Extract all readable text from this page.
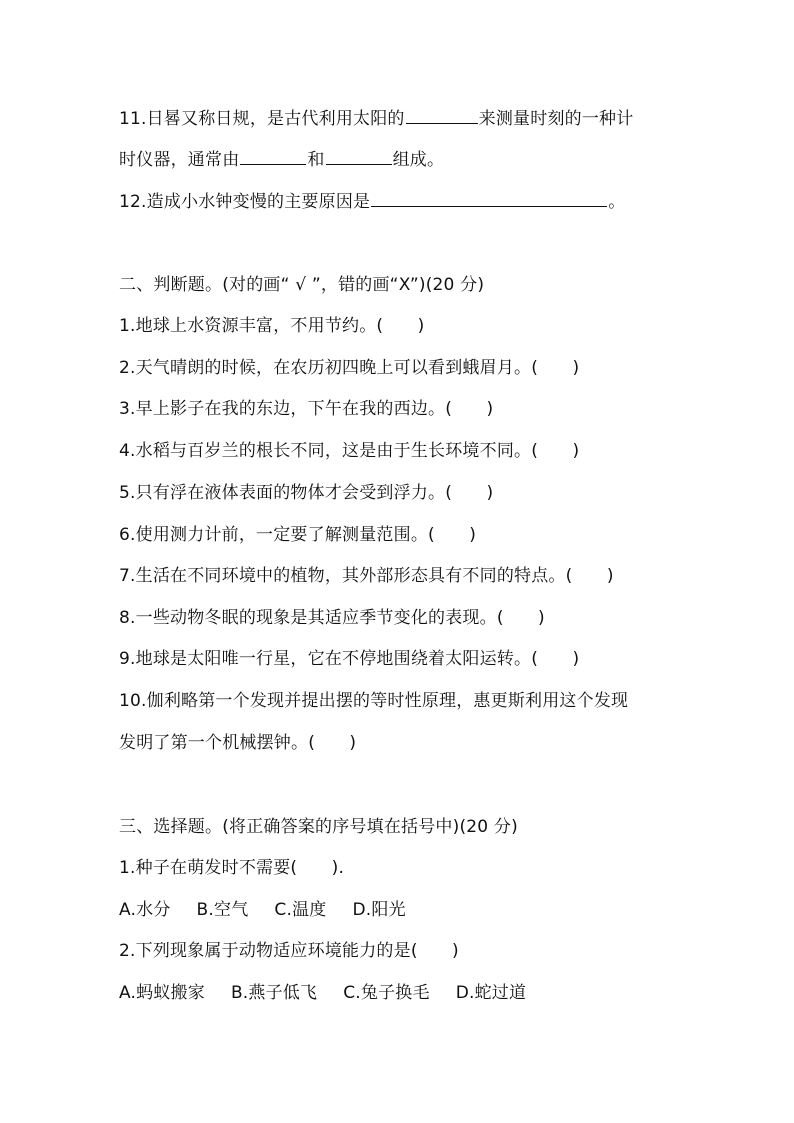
11.日晷又称日规，是古代利用太阳的	来测量时刻的一种计
时仪器，通常由	和	组成。
12.造成小水钟变慢的主要原因是	。
二、判断题。(对的画“ √ ”，错的画“X”)(20 分)
1.地球上水资源丰富，不用节约。(　　)
2.天气晴朗的时候，在农历初四晚上可以看到蛾眉月。(　　)
3.早上影子在我的东边，下午在我的西边。(　　)
4.水稻与百岁兰的根长不同，这是由于生长环境不同。(　　)
5.只有浮在液体表面的物体才会受到浮力。(　　)
6.使用测力计前，一定要了解测量范围。(　　)
7.生活在不同环境中的植物，其外部形态具有不同的特点。(　　)
8.一些动物冬眠的现象是其适应季节变化的表现。(　　)
9.地球是太阳唯一行星，它在不停地围绕着太阳运转。(　　)
10.伽利略第一个发现并提出摆的等时性原理，惠更斯利用这个发现
发明了第一个机械摆钟。(　　)
三、选择题。(将正确答案的序号填在括号中)(20 分)
1.种子在萌发时不需要(　　).
A.水分 B.空气 C.温度 D.阳光
2.下列现象属于动物适应环境能力的是(　　)
A.蚂蚁搬家 B.燕子低飞 C.兔子换毛 D.蛇过道
